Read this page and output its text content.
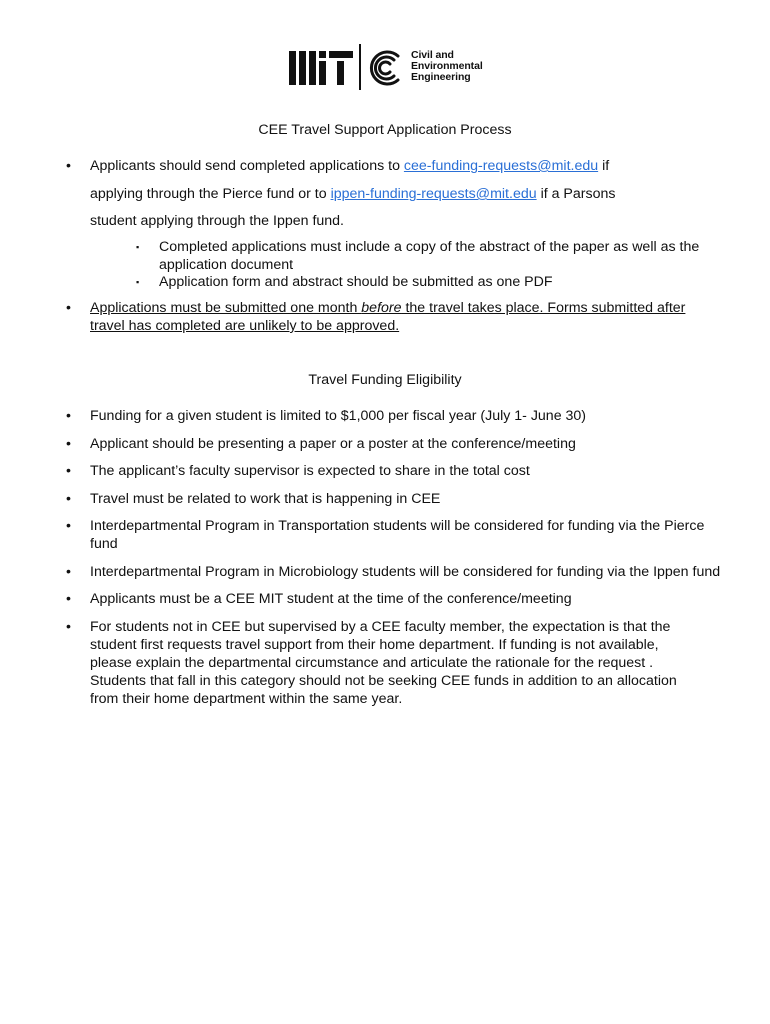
Civil and
Environmental
Engineering
CEE Travel Support Application Process
• Applicants should send completed applications to cee-funding-requests@mit.edu if
applying through the Pierce fund or to ippen-funding-requests@mit.edu if a Parsons
student applying through the Ippen fund.
▪ Completed applications must include a copy of the abstract of the paper as well as the
application document
▪ Application form and abstract should be submitted as one PDF
• Applications must be submitted one month before the travel takes place. Forms submitted after
travel has completed are unlikely to be approved.
Travel Funding Eligibility
• Funding for a given student is limited to $1,000 per fiscal year (July 1- June 30)
• Applicant should be presenting a paper or a poster at the conference/meeting
• The applicant’s faculty supervisor is expected to share in the total cost
• Travel must be related to work that is happening in CEE
• Interdepartmental Program in Transportation students will be considered for funding via the Pierce
fund
• Interdepartmental Program in Microbiology students will be considered for funding via the Ippen fund
• Applicants must be a CEE MIT student at the time of the conference/meeting
• For students not in CEE but supervised by a CEE faculty member, the expectation is that the
student first requests travel support from their home department. If funding is not available,
please explain the departmental circumstance and articulate the rationale for the request .
Students that fall in this category should not be seeking CEE funds in addition to an allocation
from their home department within the same year.
